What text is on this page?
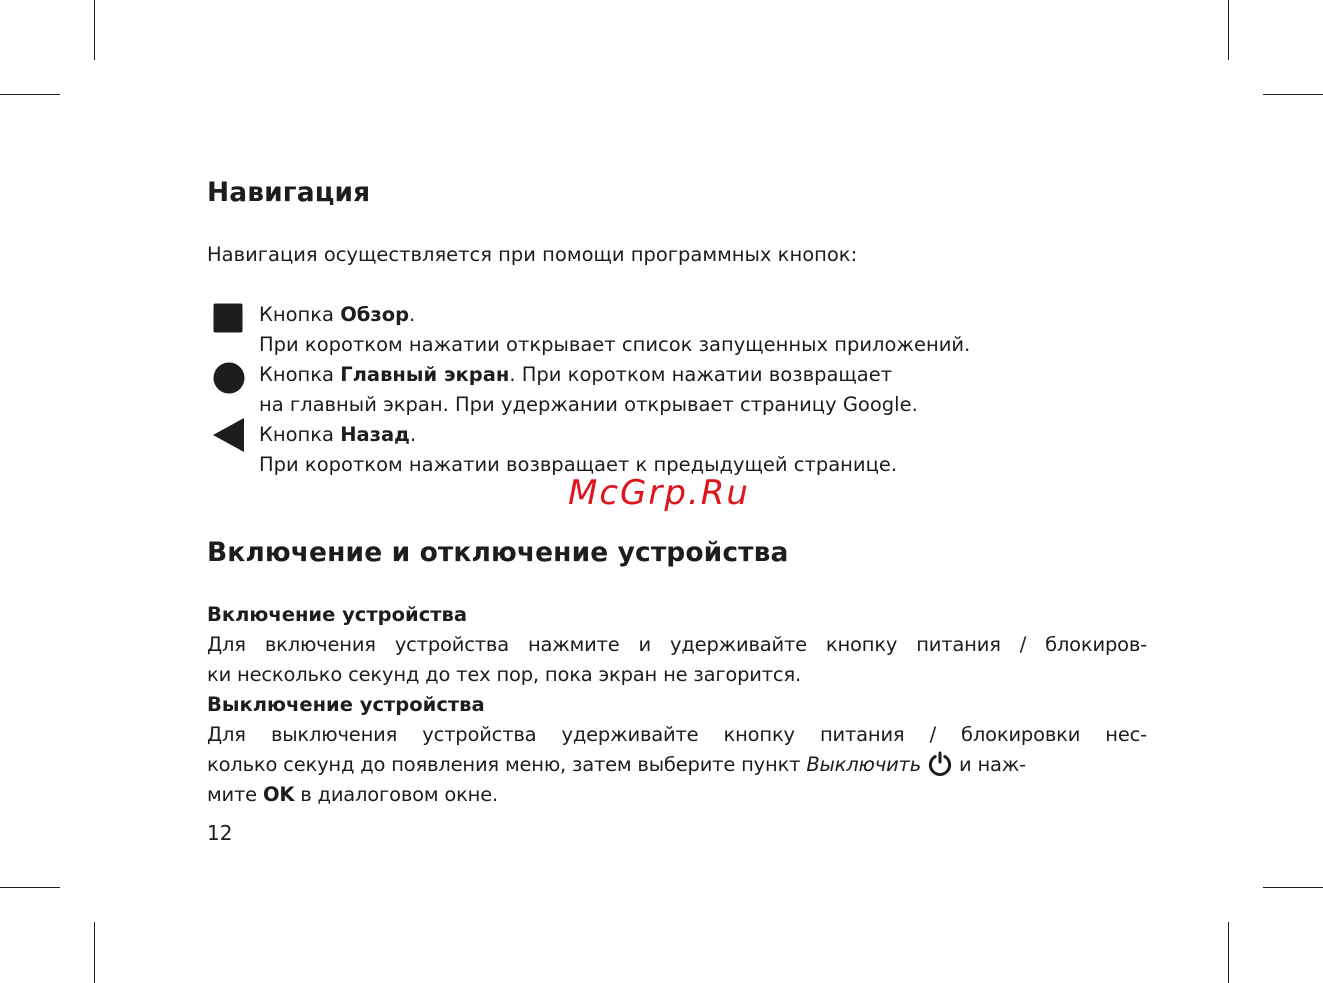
Навигация

Навигация осуществляется при помощи программных кнопок:

Кнопка Обзор.
При коротком нажатии открывает список запущенных приложений.
Кнопка Главный экран. При коротком нажатии возвращает
на главный экран. При удержании открывает страницу Google.
Кнопка Назад.
При коротком нажатии возвращает к предыдущей странице.
McGrp.Ru
Включение и отключение устройства

Включение устройства

Для включения устройства нажмите и удерживайте кнопку питания / блокиров-
ки несколько секунд до тех пор, пока экран не загорится.

Выключение устройства

Для выключения устройства удерживайте кнопку питания / блокировки нес-
колько секунд до появления меню, затем выберите пункт Выключить  и наж-
мите OK в диалоговом окне.
12
